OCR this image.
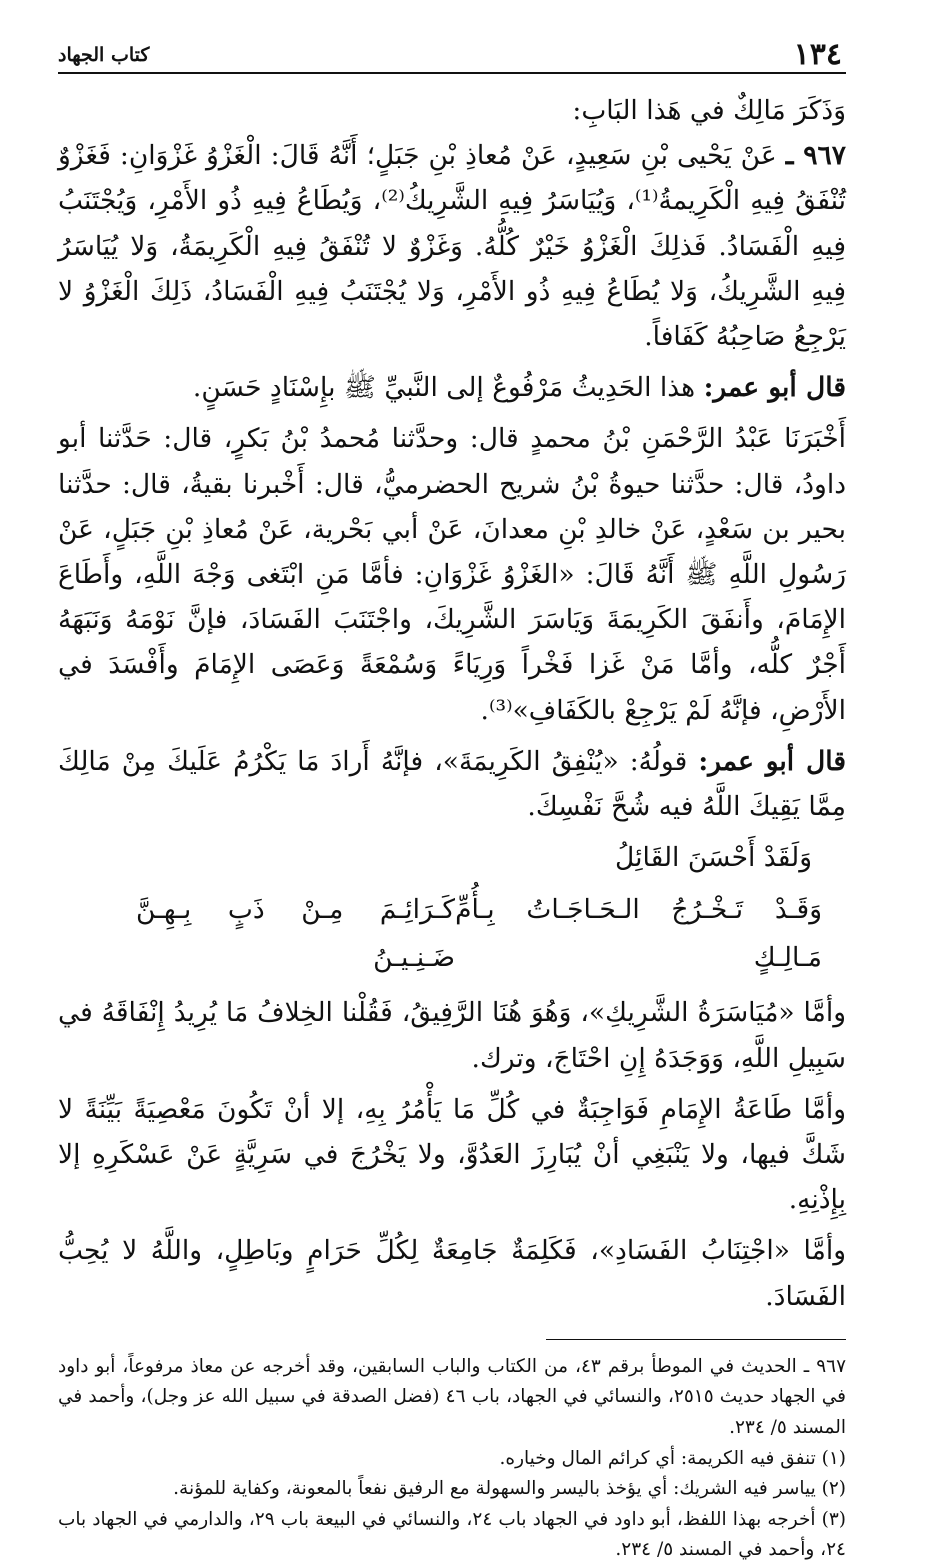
١٣٤
كتاب الجهاد

وَذَكَرَ مَالِكٌ في هَذا البَابِ:

٩٦٧ ـ عَنْ يَحْيى بْنِ سَعِيدٍ، عَنْ مُعاذِ بْنِ جَبَلٍ؛ أَنَّهُ قَالَ: الْغَزْوُ غَزْوَانِ: فَغَزْوٌ تُنْفَقُ فِيهِ الْكَرِيمةُ⁽¹⁾، وَيُيَاسَرُ فِيهِ الشَّرِيكُ⁽²⁾، وَيُطَاعُ فِيهِ ذُو الأَمْرِ، وَيُجْتَنَبُ فِيهِ الْفَسَادُ. فَذلِكَ الْغَزْوُ خَيْرٌ كُلُّهُ. وَغَزْوٌ لا تُنْفَقُ فِيهِ الْكَرِيمَةُ، وَلا يُيَاسَرُ فِيهِ الشَّرِيكُ، وَلا يُطَاعُ فِيهِ ذُو الأَمْرِ، وَلا يُجْتَنَبُ فِيهِ الْفَسَادُ، ذَلِكَ الْغَزْوُ لا يَرْجِعُ صَاحِبُهُ كَفَافاً.

قال أبو عمر: هذا الحَدِيثُ مَرْفُوعٌ إلى النَّبيِّ ﷺ بإِسْنَادٍ حَسَنٍ.

أَخْبَرَنَا عَبْدُ الرَّحْمَنِ بْنُ محمدٍ قال: وحدَّثنا مُحمدُ بْنُ بَكرٍ، قال: حَدَّثنا أبو داودُ، قال: حدَّثنا حيوةُ بْنُ شريح الحضرميُّ، قال: أَخْبرنا بقيةُ، قال: حدَّثنا بحير بن سَعْدٍ، عَنْ خالدِ بْنِ معدانَ، عَنْ أبي بَحْرية، عَنْ مُعاذِ بْنِ جَبَلٍ، عَنْ رَسُولِ اللَّهِ ﷺ أَنَّهُ قَالَ: «الغَزْوُ غَزْوَانِ: فأمَّا مَنِ ابْتَغى وَجْهَ اللَّهِ، وأَطَاعَ الإِمَامَ، وأَنفَقَ الكَرِيمَةَ وَيَاسَرَ الشَّرِيكَ، واجْتَنَبَ الفَسَادَ، فإنَّ نَوْمَهُ وَنَبَهَهُ أَجْرٌ كلُّه، وأمَّا مَنْ غَزا فَخْراً وَرِيَاءً وَسُمْعَةً وَعَصَى الإِمَامَ وأَفْسَدَ في الأَرْضِ، فإنَّهُ لَمْ يَرْجِعْ بالكَفَافِ»⁽³⁾.

قال أبو عمر: قولُهُ: «يُنْفِقُ الكَرِيمَةَ»، فإنَّهُ أَرادَ مَا يَكْرُمُ عَلَيكَ مِنْ مَالِكَ مِمَّا يَقِيكَ اللَّهُ فيه شُحَّ نَفْسِكَ.

وَلَقَدْ أَحْسَنَ القَائِلُ

وَقَـدْ تَـخْـرُجُ الـحَـاجَـاتُ بِـأُمِّ مَـالِـكٍ
كَـرَائِـمَ مِـنْ ذَبٍ بِـهِـنَّ ضَـنِـيـنُ

وأمَّا «مُيَاسَرَةُ الشَّرِيكِ»، وَهُوَ هُنَا الرَّفِيقُ، فَقُلْنا الخِلافُ مَا يُرِيدُ إِنْفَاقَهُ في سَبِيلِ اللَّهِ، وَوَجَدَهُ إِنِ احْتَاجَ، وترك.

وأمَّا طَاعَةُ الإِمَامِ فَوَاجِبَةٌ في كُلِّ مَا يَأْمُرُ بِهِ، إلا أنْ تَكُونَ مَعْصِيَةً بَيِّنَةً لا شَكَّ فيها، ولا يَنْبَغِي أنْ يُبَارِزَ العَدُوَّ، ولا يَخْرُجَ في سَرِيَّةٍ عَنْ عَسْكَرِهِ إلا بِإِذْنِهِ.

وأمَّا «اجْتِنَابُ الفَسَادِ»، فَكَلِمَةٌ جَامِعَةٌ لِكُلِّ حَرَامٍ وبَاطِلٍ، واللَّهُ لا يُحِبُّ الفَسَادَ.

٩٦٧ ـ الحديث في الموطأ برقم ٤٣، من الكتاب والباب السابقين، وقد أخرجه عن معاذ مرفوعاً، أبو داود في الجهاد حديث ٢٥١٥، والنسائي في الجهاد، باب ٤٦ (فضل الصدقة في سبيل الله عز وجل)، وأحمد في المسند ٥/ ٢٣٤.

(١) تنفق فيه الكريمة: أي كرائم المال وخياره.

(٢) يياسر فيه الشريك: أي يؤخذ باليسر والسهولة مع الرفيق نفعاً بالمعونة، وكفاية للمؤنة.

(٣) أخرجه بهذا اللفظ، أبو داود في الجهاد باب ٢٤، والنسائي في البيعة باب ٢٩، والدارمي في الجهاد باب ٢٤، وأحمد في المسند ٥/ ٢٣٤.
